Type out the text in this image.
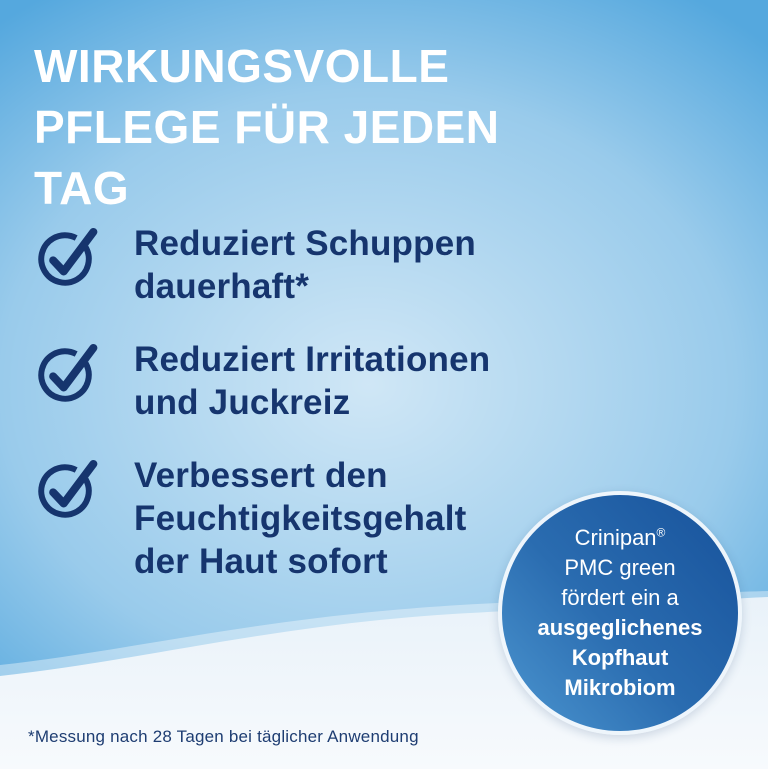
WIRKUNGSVOLLE
PFLEGE FÜR JEDEN
TAG
Reduziert Schuppen
dauerhaft*
Reduziert Irritationen
und Juckreiz
Verbessert den
Feuchtigkeitsgehalt
der Haut sofort
Crinipan®
PMC green
fördert ein a
ausgeglichenes
Kopfhaut
Mikrobiom
*Messung nach 28 Tagen bei täglicher Anwendung
